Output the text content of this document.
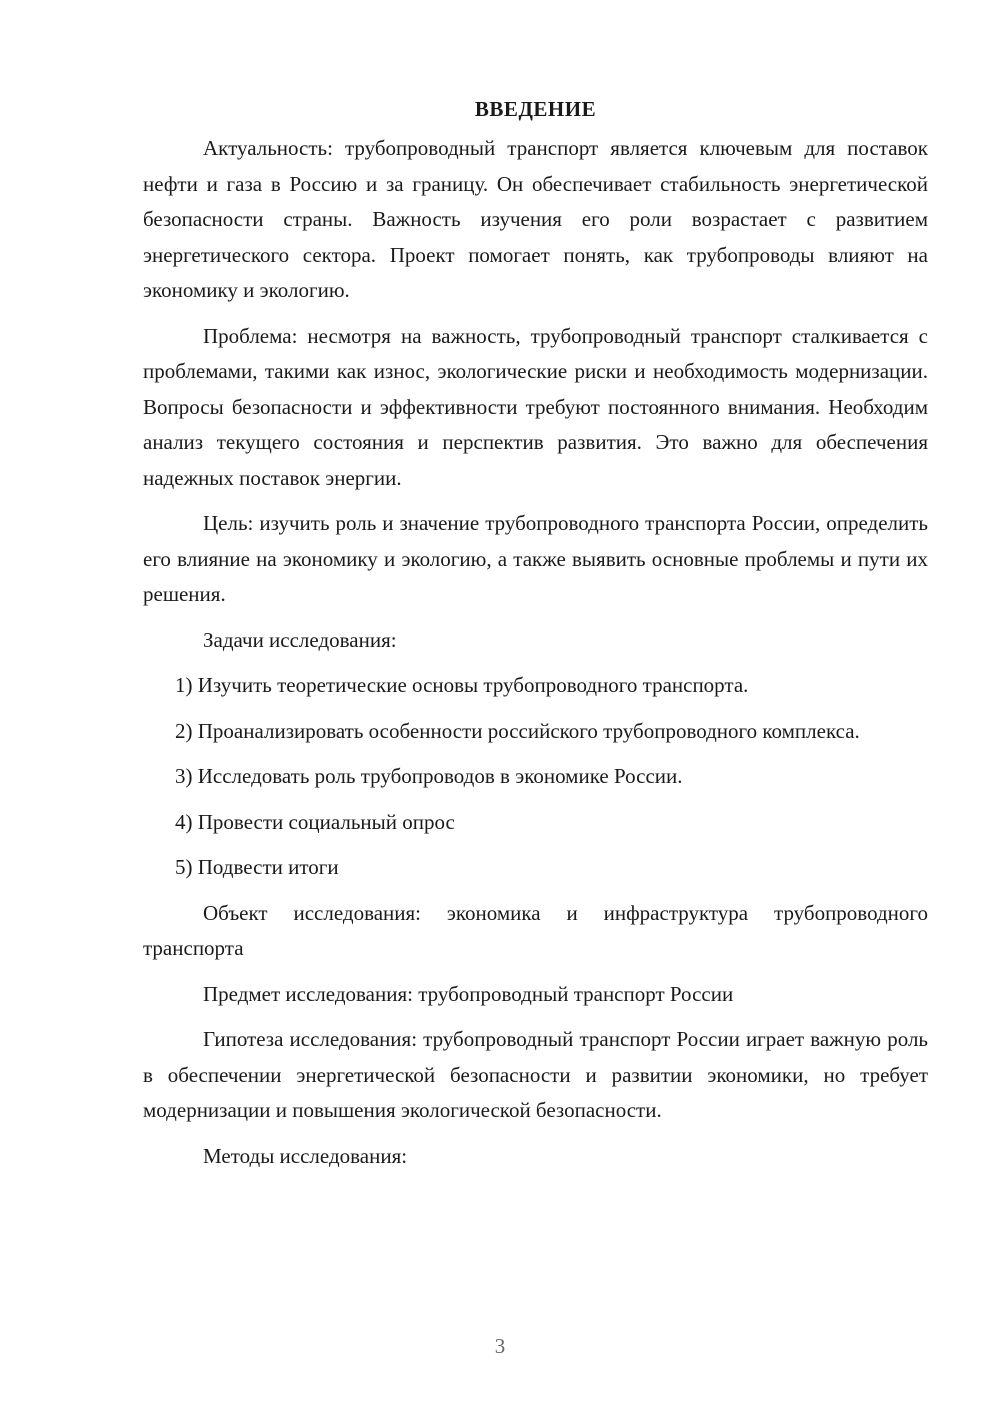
ВВЕДЕНИЕ

Актуальность: трубопроводный транспорт является ключевым для поставок нефти и газа в Россию и за границу. Он обеспечивает стабильность энергетической безопасности страны. Важность изучения его роли возрастает с развитием энергетического сектора. Проект помогает понять, как трубопроводы влияют на экономику и экологию.

Проблема: несмотря на важность, трубопроводный транспорт сталкивается с проблемами, такими как износ, экологические риски и необходимость модернизации. Вопросы безопасности и эффективности требуют постоянного внимания. Необходим анализ текущего состояния и перспектив развития. Это важно для обеспечения надежных поставок энергии.

Цель: изучить роль и значение трубопроводного транспорта России, определить его влияние на экономику и экологию, а также выявить основные проблемы и пути их решения.

Задачи исследования:

1) Изучить теоретические основы трубопроводного транспорта.

2) Проанализировать особенности российского трубопроводного комплекса.

3) Исследовать роль трубопроводов в экономике России.

4) Провести социальный опрос

5) Подвести итоги

Объект исследования: экономика и инфраструктура трубопроводного транспорта

Предмет исследования: трубопроводный транспорт России

Гипотеза исследования: трубопроводный транспорт России играет важную роль в обеспечении энергетической безопасности и развитии экономики, но требует модернизации и повышения экологической безопасности.

Методы исследования:

3
